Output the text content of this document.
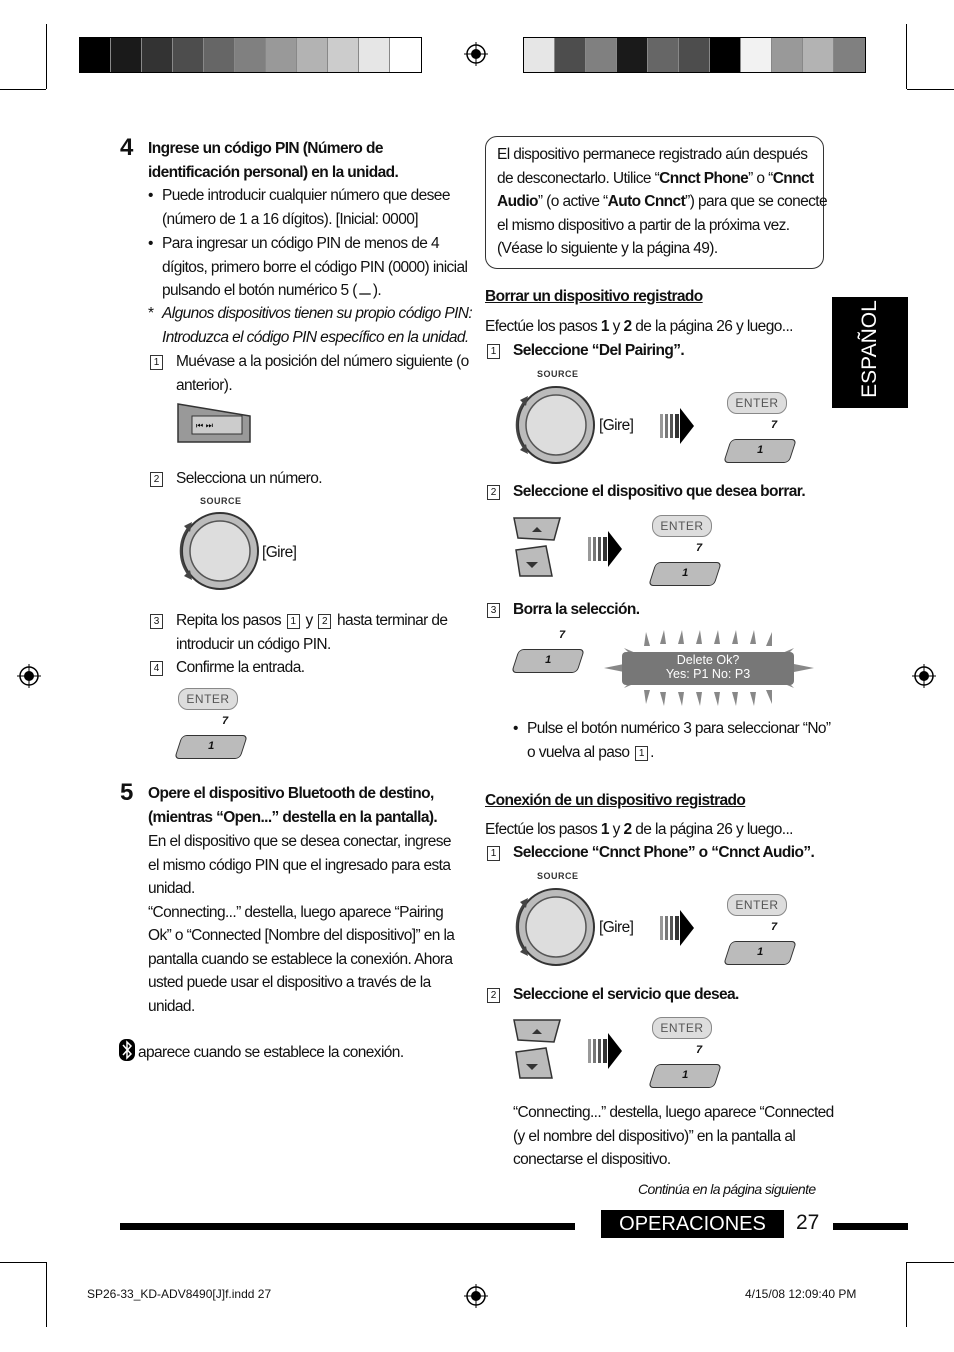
ESPAÑOL
4 Ingrese un código PIN (Número de
identificación personal) en la unidad.
• Puede introducir cualquier número que desee
(número de 1 a 16 dígitos). [Inicial: 0000]
• Para ingresar un código PIN de menos de 4
dígitos, primero borre el código PIN (0000) inicial
pulsando el botón numérico 5 ( ).
* Algunos dispositivos tienen su propio código PIN:
Introduzca el código PIN específico en la unidad.
1	Muévase a la posición del número siguiente (o
anterior).
⏮ ⏭
2	Selecciona un número.
SOURCE
[Gire]
3	Repita los pasos 1 y 2 hasta terminar de
introducir un código PIN.
4	Confirme la entrada.
ENTER
7
1
5 Opere el dispositivo Bluetooth de destino,
(mientras “Open...” destella en la pantalla).
En el dispositivo que se desea conectar, ingrese
el mismo código PIN que el ingresado para esta
unidad.
“Connecting...” destella, luego aparece “Pairing
Ok” o “Connected [Nombre del dispositivo]” en la
pantalla cuando se establece la conexión. Ahora
usted puede usar el dispositivo a través de la
unidad.
aparece cuando se establece la conexión.
El dispositivo permanece registrado aún después
de desconectarlo. Utilice “Cnnct Phone” o “Cnnct
Audio” (o active “Auto Cnnct”) para que se conecte
el mismo dispositivo a partir de la próxima vez.
(Véase lo siguiente y la página 49).
Borrar un dispositivo registrado
Efectúe los pasos 1 y 2 de la página 26 y luego...
1	Seleccione “Del Pairing”.
SOURCE
[Gire]
ENTER
7
1
2	Seleccione el dispositivo que desea borrar.
ENTER
7
1
3	Borra la selección.
7
1	Delete Ok?
Yes: P1 No: P3
• Pulse el botón numérico 3 para seleccionar “No”
o vuelva al paso 1 .
Conexión de un dispositivo registrado
Efectúe los pasos 1 y 2 de la página 26 y luego...
1	Seleccione “Cnnct Phone” o “Cnnct Audio”.
SOURCE
[Gire]
ENTER
7
1
2	Seleccione el servicio que desea.
ENTER
7
1
“Connecting...” destella, luego aparece “Connected
(y el nombre del dispositivo)” en la pantalla al
conectarse el dispositivo.
Continúa en la página siguiente
OPERACIONES	27
SP26-33_KD-ADV8490[J]f.indd 27	4/15/08 12:09:40 PM
